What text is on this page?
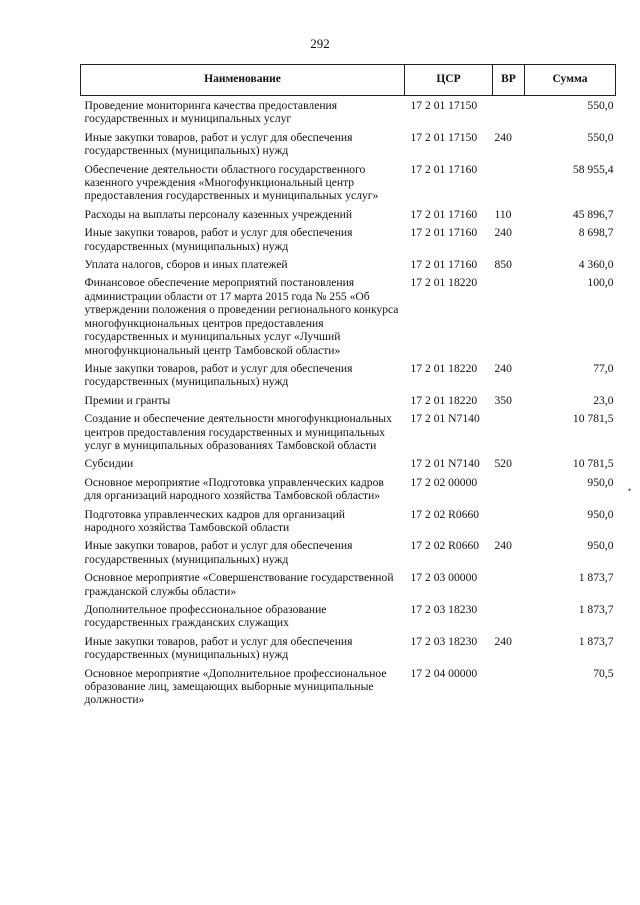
292
Наименование	ЦСР	ВР	Сумма
Проведение мониторинга качества предоставления государственных и муниципальных услуг	17 2 01 17150		550,0
Иные закупки товаров, работ и услуг для обеспечения государственных (муниципальных) нужд	17 2 01 17150	240	550,0
Обеспечение деятельности областного государственного казенного учреждения «Многофункциональный центр предоставления государственных и муниципальных услуг»	17 2 01 17160		58 955,4
Расходы на выплаты персоналу казенных учреждений	17 2 01 17160	110	45 896,7
Иные закупки товаров, работ и услуг для обеспечения государственных (муниципальных) нужд	17 2 01 17160	240	8 698,7
Уплата налогов, сборов и иных платежей	17 2 01 17160	850	4 360,0
Финансовое обеспечение мероприятий постановления администрации области от 17 марта 2015 года № 255 «Об утверждении положения о проведении регионального конкурса многофункциональных центров предоставления государственных и муниципальных услуг «Лучший многофункциональный центр Тамбовской области»	17 2 01 18220		100,0
Иные закупки товаров, работ и услуг для обеспечения государственных (муниципальных) нужд	17 2 01 18220	240	77,0
Премии и гранты	17 2 01 18220	350	23,0
Создание и обеспечение деятельности многофункциональных центров предоставления государственных и муниципальных услуг в муниципальных образованиях Тамбовской области	17 2 01 N7140		10 781,5
Субсидии	17 2 01 N7140	520	10 781,5
Основное мероприятие «Подготовка управленческих кадров для организаций народного хозяйства Тамбовской области»	17 2 02 00000		950,0
Подготовка управленческих кадров для организаций народного хозяйства Тамбовской области	17 2 02 R0660		950,0
Иные закупки товаров, работ и услуг для обеспечения государственных (муниципальных) нужд	17 2 02 R0660	240	950,0
Основное мероприятие «Совершенствование государственной гражданской службы области»	17 2 03 00000		1 873,7
Дополнительное профессиональное образование государственных гражданских служащих	17 2 03 18230		1 873,7
Иные закупки товаров, работ и услуг для обеспечения государственных (муниципальных) нужд	17 2 03 18230	240	1 873,7
Основное мероприятие «Дополнительное профессиональное образование лиц, замещающих выборные муниципальные должности»	17 2 04 00000		70,5
•
